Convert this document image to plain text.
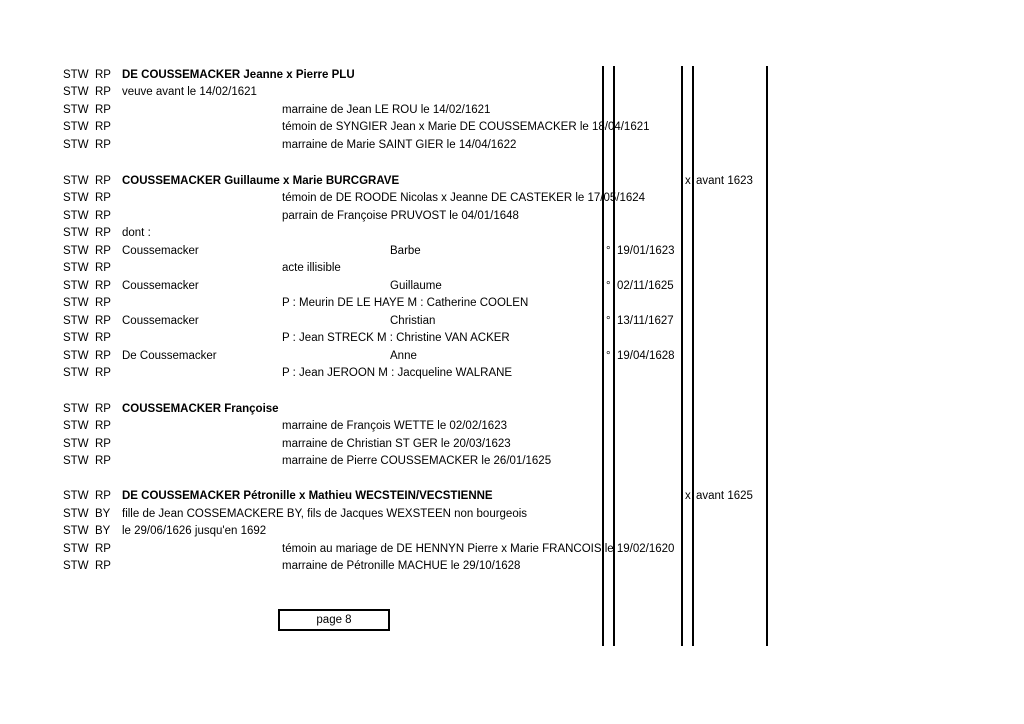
STW RP DE COUSSEMACKER Jeanne x Pierre PLU
STW RP veuve avant le 14/02/1621
STW RP	marraine de Jean LE ROU le 14/02/1621
STW RP	témoin de SYNGIER Jean x Marie DE COUSSEMACKER le 18/04/1621
STW RP	marraine de Marie SAINT GIER le 14/04/1622
STW RP COUSSEMACKER Guillaume x Marie BURCGRAVE	x avant 1623
STW RP	témoin de DE ROODE Nicolas x Jeanne DE CASTEKER le 17/05/1624
STW RP	parrain de Françoise PRUVOST le 04/01/1648
STW RP dont :
STW RP Coussemacker	Barbe	° 19/01/1623
STW RP	acte illisible
STW RP Coussemacker	Guillaume	° 02/11/1625
STW RP	P : Meurin DE LE HAYE M : Catherine COOLEN
STW RP Coussemacker	Christian	° 13/11/1627
STW RP	P : Jean STRECK M : Christine VAN ACKER
STW RP De Coussemacker	Anne	° 19/04/1628
STW RP	P : Jean JEROON M : Jacqueline WALRANE
STW RP COUSSEMACKER Françoise
STW RP	marraine de François WETTE le 02/02/1623
STW RP	marraine de Christian ST GER le 20/03/1623
STW RP	marraine de Pierre COUSSEMACKER le 26/01/1625
STW RP DE COUSSEMACKER Pétronille x Mathieu WECSTEIN/VECSTIENNE	x avant 1625
STW BY fille de Jean COSSEMACKERE BY, fils de Jacques WEXSTEEN non bourgeois
STW BY le 29/06/1626 jusqu'en 1692
STW RP	témoin au mariage de DE HENNYN Pierre x Marie FRANCOIS le 19/02/1620
STW RP	marraine de Pétronille MACHUE le 29/10/1628
page 8
